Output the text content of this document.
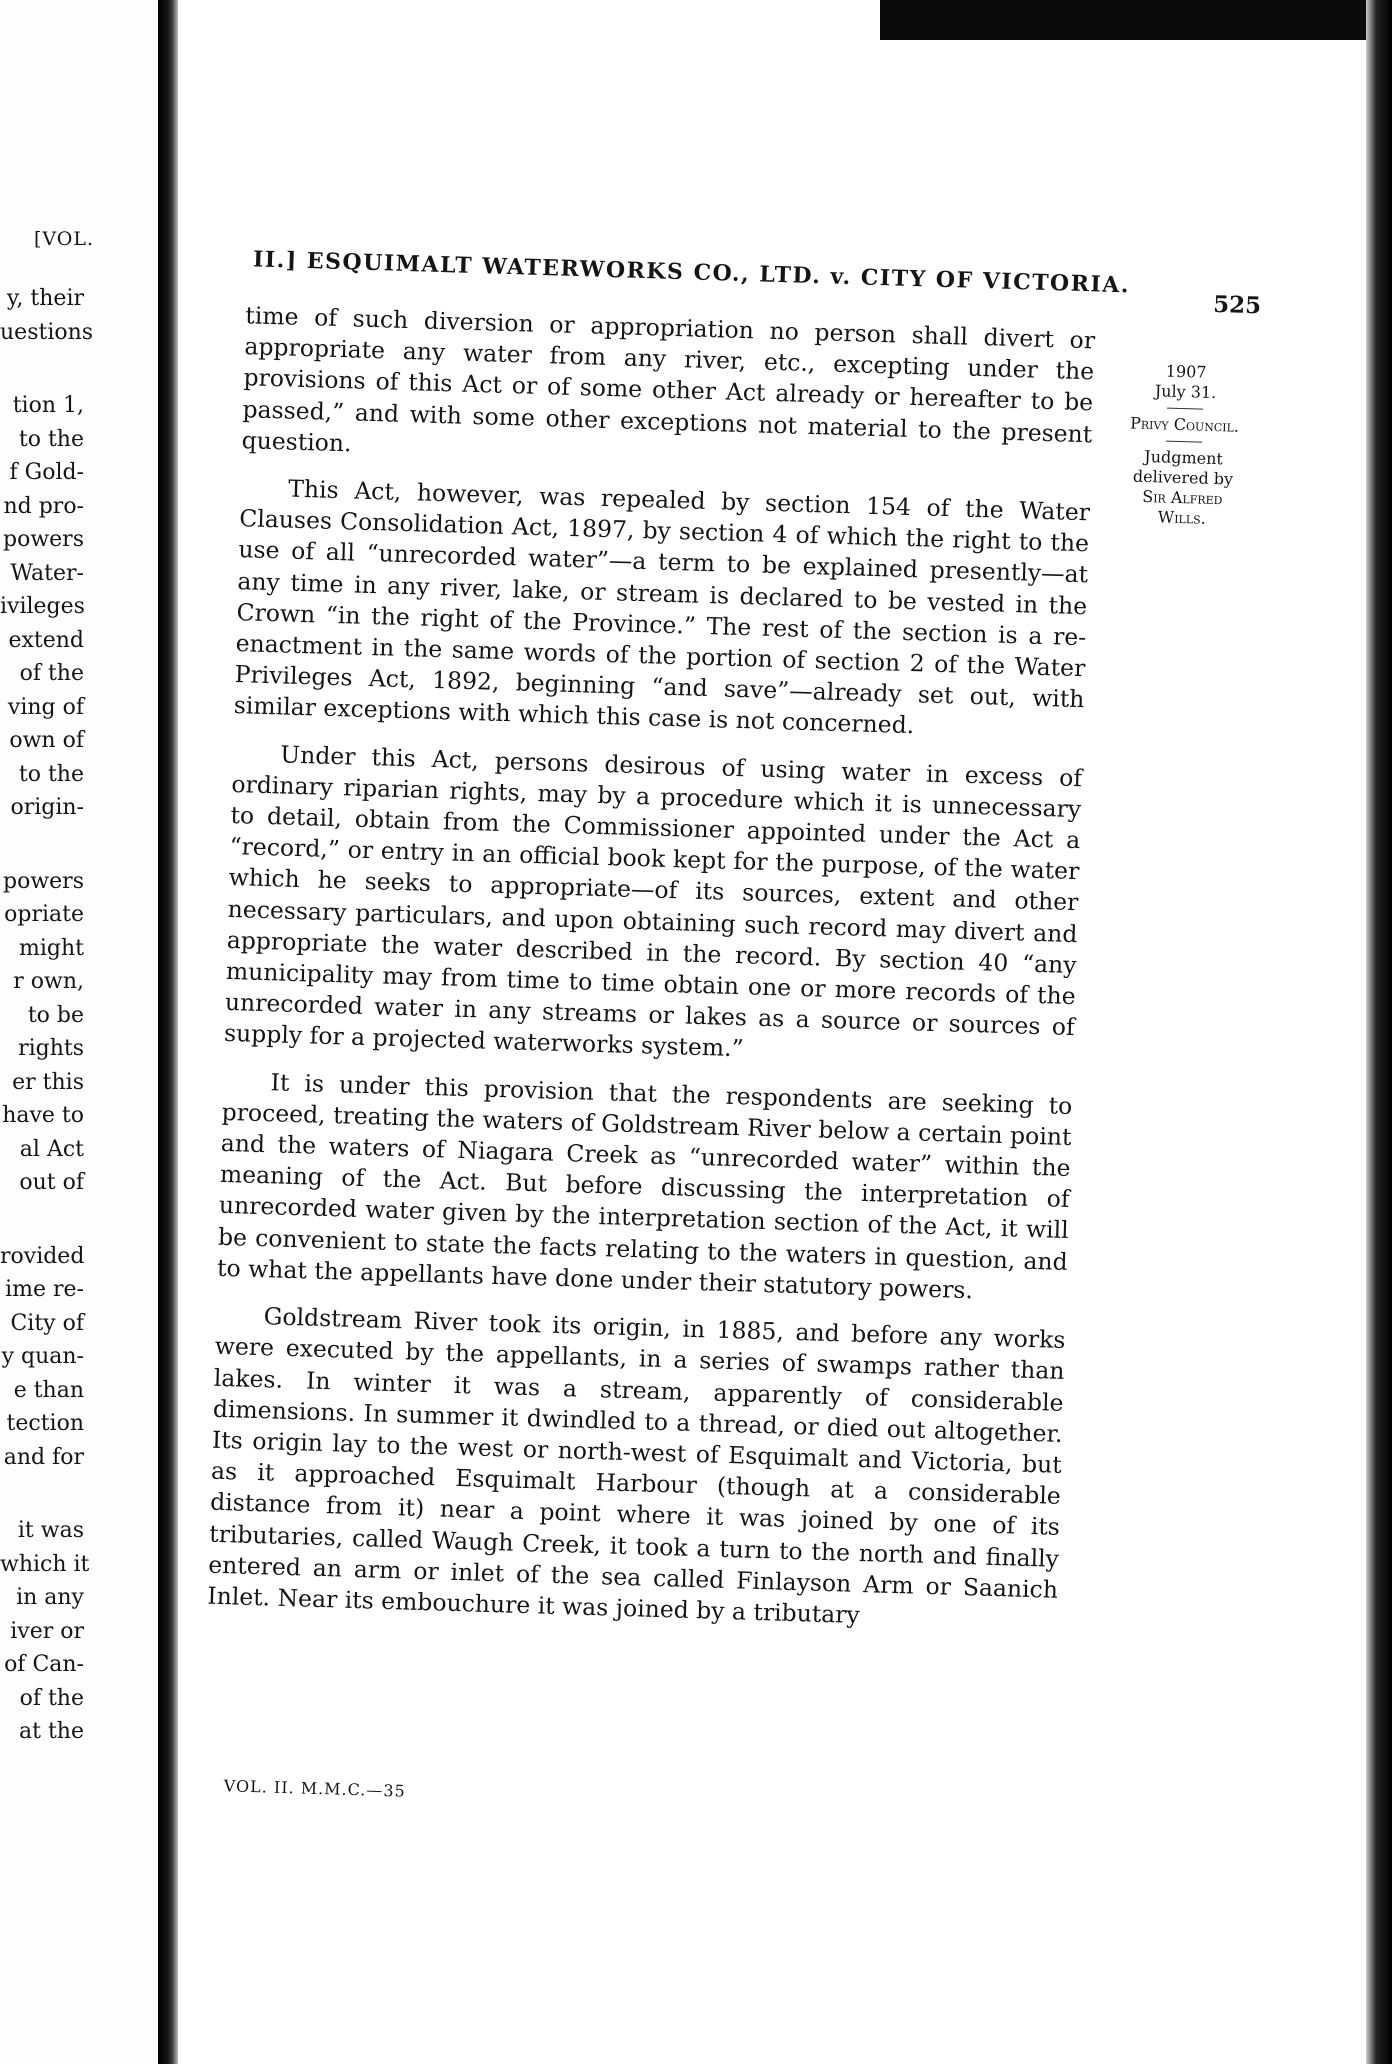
[VOL.
y, their
uestions
tion 1,
to the
f Gold-
nd pro-
powers
Water-
ivileges
extend
of the
ving of
own of
to the
origin-
powers
opriate
might
r own,
to be
rights
er this
have to
al Act
out of
rovided
ime re-
City of
y quan-
e than
tection
and for
it was
which it
in any
iver or
of Can-
of the
at the
II.] ESQUIMALT WATERWORKS CO., LTD. v. CITY OF VICTORIA.
525

time of such diversion or appropriation no person shall divert or appropriate any water from any river, etc., excepting under the provisions of this Act or of some other Act already or hereafter to be passed,” and with some other exceptions not material to the present question.

This Act, however, was repealed by section 154 of the Water Clauses Consolidation Act, 1897, by section 4 of which the right to the use of all “unrecorded water”—a term to be explained presently—at any time in any river, lake, or stream is declared to be vested in the Crown “in the right of the Province.” The rest of the section is a re-enactment in the same words of the portion of section 2 of the Water Privileges Act, 1892, beginning “and save”—already set out, with similar exceptions with which this case is not concerned.

Under this Act, persons desirous of using water in excess of ordinary riparian rights, may by a procedure which it is unnecessary to detail, obtain from the Commissioner appointed under the Act a “record,” or entry in an official book kept for the purpose, of the water which he seeks to appropriate—of its sources, extent and other necessary particulars, and upon obtaining such record may divert and appropriate the water described in the record. By section 40 “any municipality may from time to time obtain one or more records of the unrecorded water in any streams or lakes as a source or sources of supply for a projected waterworks system.”

It is under this provision that the respondents are seeking to proceed, treating the waters of Goldstream River below a certain point and the waters of Niagara Creek as “unrecorded water” within the meaning of the Act. But before discussing the interpretation of unrecorded water given by the interpretation section of the Act, it will be convenient to state the facts relating to the waters in question, and to what the appellants have done under their statutory powers.

Goldstream River took its origin, in 1885, and before any works were executed by the appellants, in a series of swamps rather than lakes. In winter it was a stream, apparently of considerable dimensions. In summer it dwindled to a thread, or died out altogether. Its origin lay to the west or north-west of Esquimalt and Victoria, but as it approached Esquimalt Harbour (though at a considerable distance from it) near a point where it was joined by one of its tributaries, called Waugh Creek, it took a turn to the north and finally entered an arm or inlet of the sea called Finlayson Arm or Saanich Inlet. Near its embouchure it was joined by a tributary

1907
July 31.
Privy Council.
Judgment delivered by
Sir Alfred Wills.
VOL. II. M.M.C.—35
